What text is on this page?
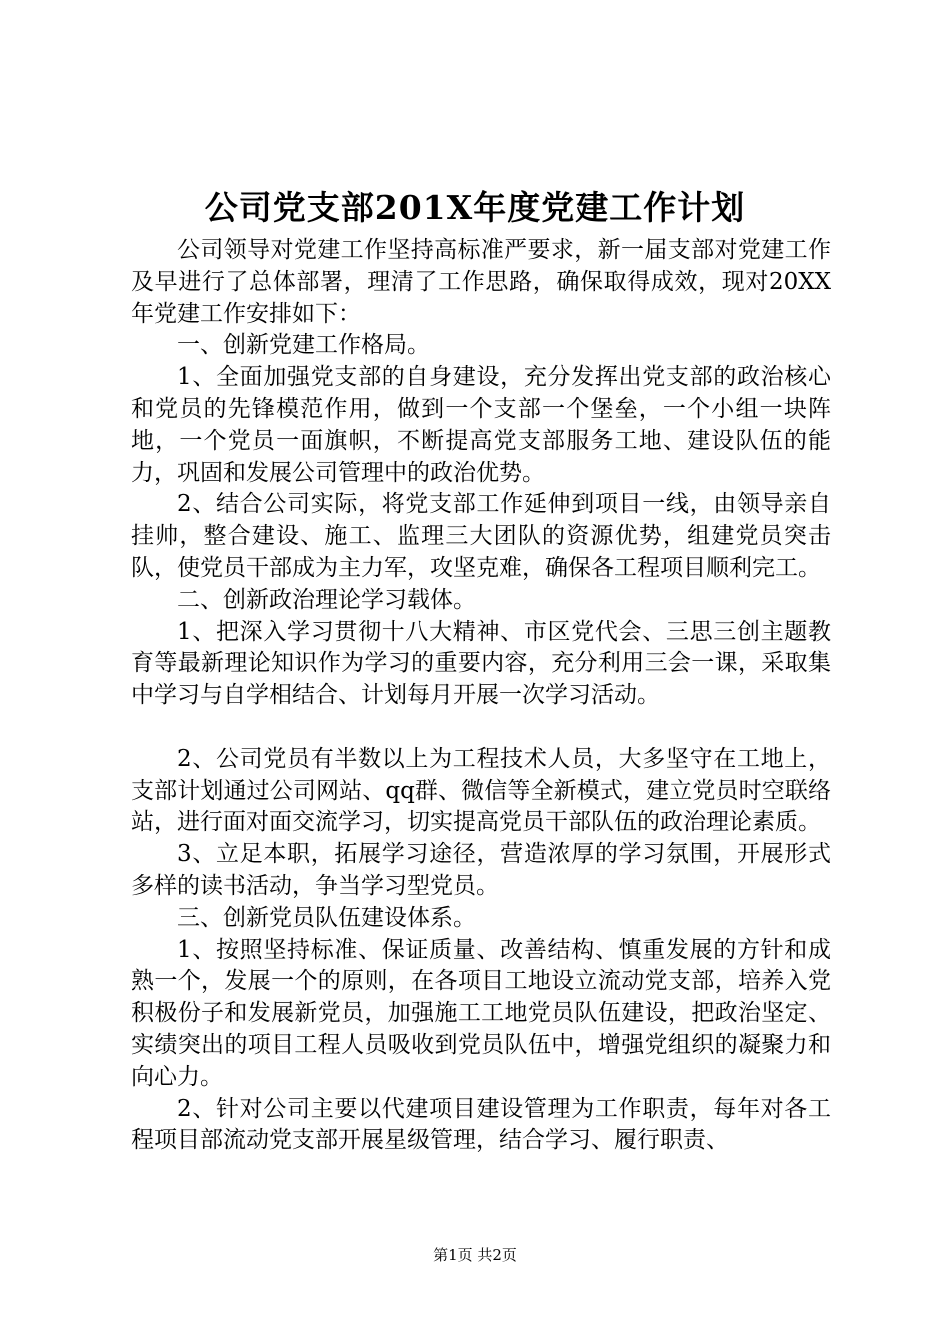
公司党支部201X年度党建工作计划

公司领导对党建工作坚持高标准严要求，新一届支部对党建工作及早进行了总体部署，理清了工作思路，确保取得成效，现对20XX年党建工作安排如下：

一、创新党建工作格局。

1、全面加强党支部的自身建设，充分发挥出党支部的政治核心和党员的先锋模范作用，做到一个支部一个堡垒，一个小组一块阵地，一个党员一面旗帜，不断提高党支部服务工地、建设队伍的能力，巩固和发展公司管理中的政治优势。

2、结合公司实际，将党支部工作延伸到项目一线，由领导亲自挂帅，整合建设、施工、监理三大团队的资源优势，组建党员突击队，使党员干部成为主力军，攻坚克难，确保各工程项目顺利完工。

二、创新政治理论学习载体。

1、把深入学习贯彻十八大精神、市区党代会、三思三创主题教育等最新理论知识作为学习的重要内容，充分利用三会一课，采取集中学习与自学相结合、计划每月开展一次学习活动。

2、公司党员有半数以上为工程技术人员，大多坚守在工地上，支部计划通过公司网站、qq群、微信等全新模式，建立党员时空联络站，进行面对面交流学习，切实提高党员干部队伍的政治理论素质。

3、立足本职，拓展学习途径，营造浓厚的学习氛围，开展形式多样的读书活动，争当学习型党员。

三、创新党员队伍建设体系。

1、按照坚持标准、保证质量、改善结构、慎重发展的方针和成熟一个，发展一个的原则，在各项目工地设立流动党支部，培养入党积极份子和发展新党员，加强施工工地党员队伍建设，把政治坚定、实绩突出的项目工程人员吸收到党员队伍中，增强党组织的凝聚力和向心力。

2、针对公司主要以代建项目建设管理为工作职责，每年对各工程项目部流动党支部开展星级管理，结合学习、履行职责、

第1页 共2页
